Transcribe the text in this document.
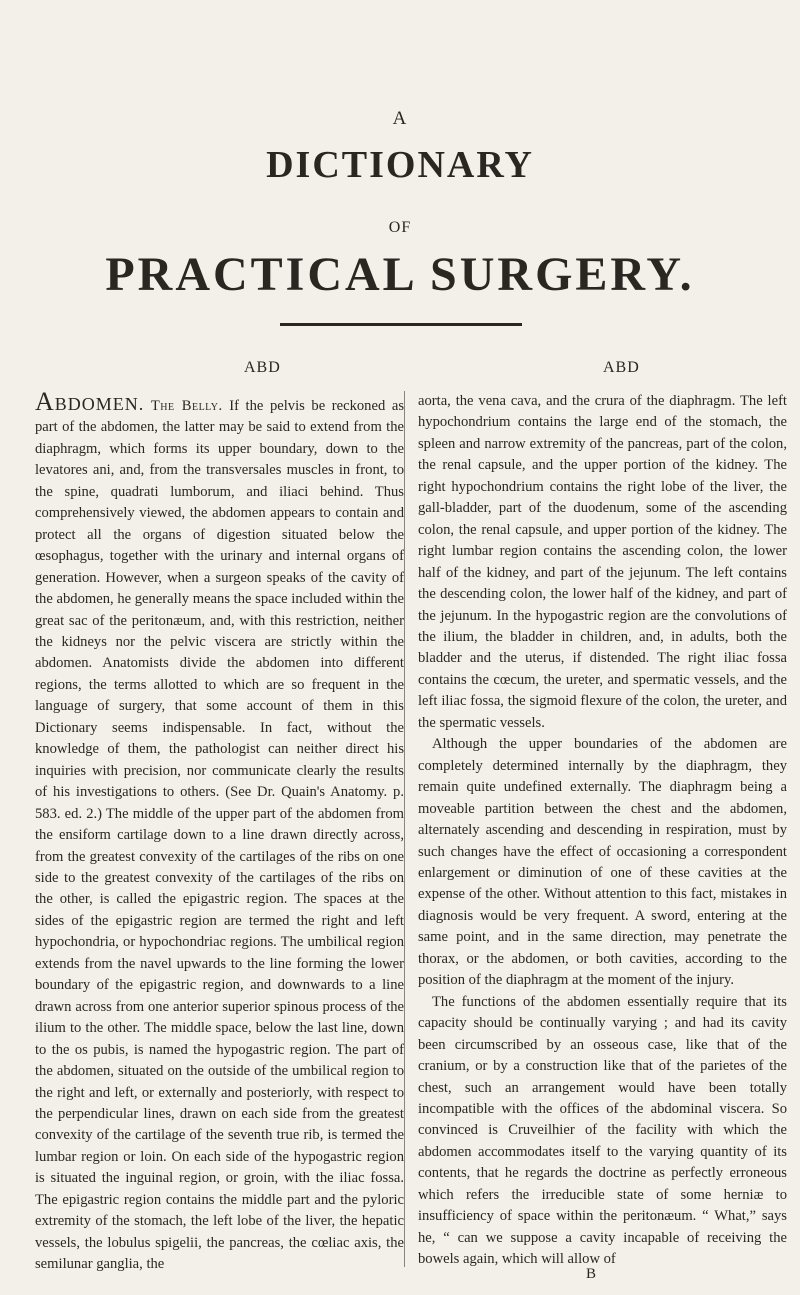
A
DICTIONARY
OF
PRACTICAL SURGERY.
ABD	ABD

ABDOMEN. The Belly. If the pelvis be reckoned as part of the abdomen, the latter may be said to extend from the diaphragm, which forms its upper boundary, down to the levatores ani, and, from the transversales muscles in front, to the spine, quadrati lumborum, and iliaci behind. Thus comprehensively viewed, the abdomen appears to contain and protect all the organs of digestion situated below the œsophagus, together with the urinary and internal organs of generation. However, when a surgeon speaks of the cavity of the abdomen, he generally means the space included within the great sac of the peritonæum, and, with this restriction, neither the kidneys nor the pelvic viscera are strictly within the abdomen. Anatomists divide the abdomen into different regions, the terms allotted to which are so frequent in the language of surgery, that some account of them in this Dictionary seems indispensable. In fact, without the knowledge of them, the pathologist can neither direct his inquiries with precision, nor communicate clearly the results of his investigations to others. (See Dr. Quain's Anatomy. p. 583. ed. 2.) The middle of the upper part of the abdomen from the ensiform cartilage down to a line drawn directly across, from the greatest convexity of the cartilages of the ribs on one side to the greatest convexity of the cartilages of the ribs on the other, is called the epigastric region. The spaces at the sides of the epigastric region are termed the right and left hypochondria, or hypochondriac regions. The umbilical region extends from the navel upwards to the line forming the lower boundary of the epigastric region, and downwards to a line drawn across from one anterior superior spinous process of the ilium to the other. The middle space, below the last line, down to the os pubis, is named the hypogastric region. The part of the abdomen, situated on the outside of the umbilical region to the right and left, or externally and posteriorly, with respect to the perpendicular lines, drawn on each side from the greatest convexity of the cartilage of the seventh true rib, is termed the lumbar region or loin. On each side of the hypogastric region is situated the inguinal region, or groin, with the iliac fossa. The epigastric region contains the middle part and the pyloric extremity of the stomach, the left lobe of the liver, the hepatic vessels, the lobulus spigelii, the pancreas, the cœliac axis, the semilunar ganglia, the

aorta, the vena cava, and the crura of the diaphragm. The left hypochondrium contains the large end of the stomach, the spleen and narrow extremity of the pancreas, part of the colon, the renal capsule, and the upper portion of the kidney. The right hypochondrium contains the right lobe of the liver, the gall-bladder, part of the duodenum, some of the ascending colon, the renal capsule, and upper portion of the kidney. The right lumbar region contains the ascending colon, the lower half of the kidney, and part of the jejunum. The left contains the descending colon, the lower half of the kidney, and part of the jejunum. In the hypogastric region are the convolutions of the ilium, the bladder in children, and, in adults, both the bladder and the uterus, if distended. The right iliac fossa contains the cœcum, the ureter, and spermatic vessels, and the left iliac fossa, the sigmoid flexure of the colon, the ureter, and the spermatic vessels.

Although the upper boundaries of the abdomen are completely determined internally by the diaphragm, they remain quite undefined externally. The diaphragm being a moveable partition between the chest and the abdomen, alternately ascending and descending in respiration, must by such changes have the effect of occasioning a correspondent enlargement or diminution of one of these cavities at the expense of the other. Without attention to this fact, mistakes in diagnosis would be very frequent. A sword, entering at the same point, and in the same direction, may penetrate the thorax, or the abdomen, or both cavities, according to the position of the diaphragm at the moment of the injury.

The functions of the abdomen essentially require that its capacity should be continually varying ; and had its cavity been circumscribed by an osseous case, like that of the cranium, or by a construction like that of the parietes of the chest, such an arrangement would have been totally incompatible with the offices of the abdominal viscera. So convinced is Cruveilhier of the facility with which the abdomen accommodates itself to the varying quantity of its contents, that he regards the doctrine as perfectly erroneous which refers the irreducible state of some herniæ to insufficiency of space within the peritonæum. “ What,” says he, “ can we suppose a cavity incapable of receiving the bowels again, which will allow of

B
